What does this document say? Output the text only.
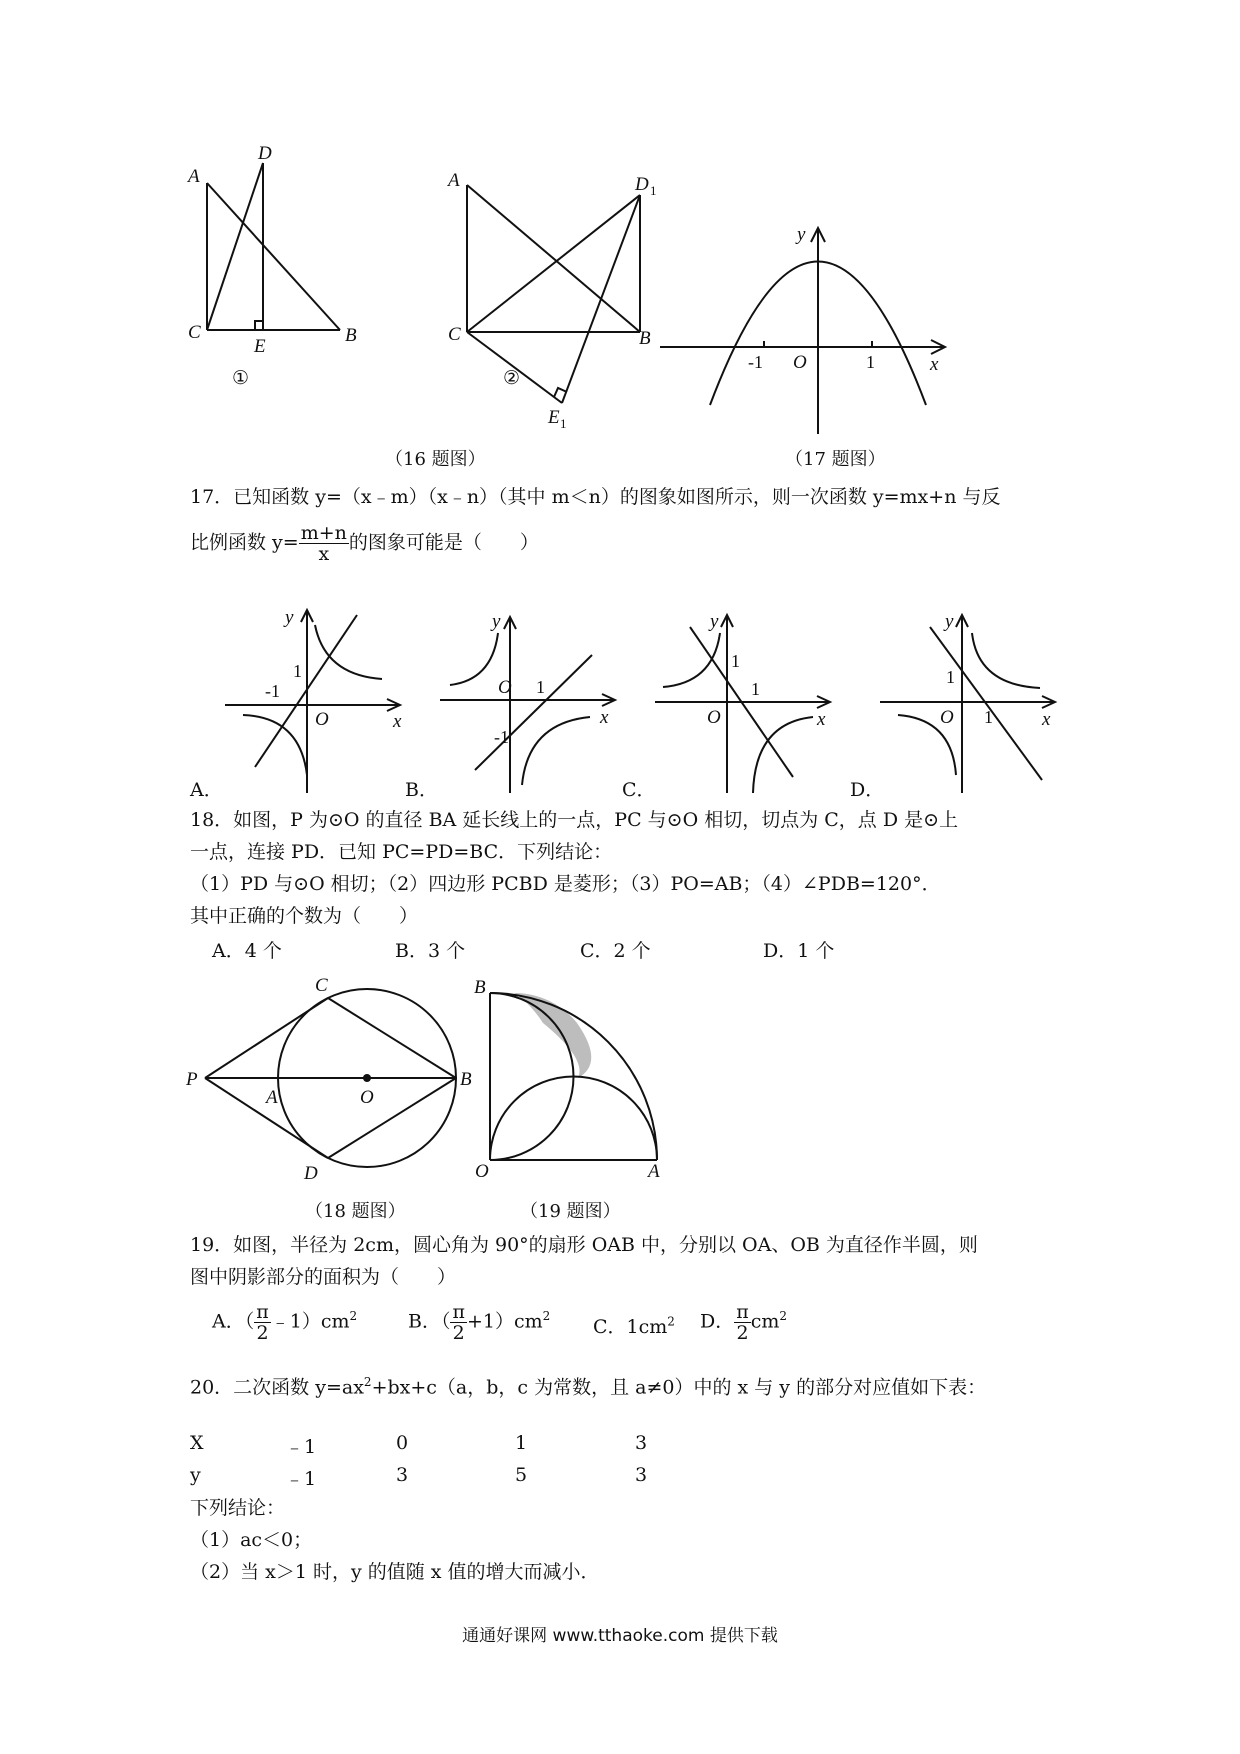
A
D
C
E
B
①
A	D 1
C	B
E 1
②
y
x
O
-1	1
（16 题图）	（17 题图）
17．已知函数 y=（x﹣m）（x﹣n）（其中 m＜n）的图象如图所示，则一次函数 y=mx+n 与反
比例函数 $y= \frac{m+n}{x}$ 的图象可能是（　　）
y
x
O
1
-1
A．
y
x
O 1
-1
B．
y
x
O
1
1
C．
y
x
O
1
1
D．
18．如图，P 为⊙O 的直径 BA 延长线上的一点，PC 与⊙O 相切，切点为 C，点 D 是⊙上
一点，连接 PD．已知 PC=PD=BC．下列结论：
（1）PD 与⊙O 相切；（2）四边形 PCBD 是菱形；（3）PO=AB；（4）∠PDB=120°．
其中正确的个数为（　　）
A．4 个	B．3 个	C．2 个	D．1 个
C
P
A	O
B
D
B
O	A
（18 题图）	（19 题图）
19．如图，半径为 2cm，圆心角为 90°的扇形 OAB 中，分别以 OA、OB 为直径作半圆，则
图中阴影部分的面积为（　　）
A．（ $\frac{\pi}{2}$ $﹣1)cm^2$	B．（ $\frac{\pi}{2} +1)cm^2$ C．$1cm^2$ D． $\frac{\pi}{2} cm^2$
20．二次函数 $y=ax^2+bx+c(a$，b，c 为常数，且 a≠0）中的 x 与 y 的部分对应值如下表：
X	﹣1	0	1	3
y	﹣1	3	5	3
下列结论：
（1）ac＜0；
（2）当 x＞1 时，y 的值随 x 值的增大而减小．
通通好课网 www.tthaoke.com 提供下载
